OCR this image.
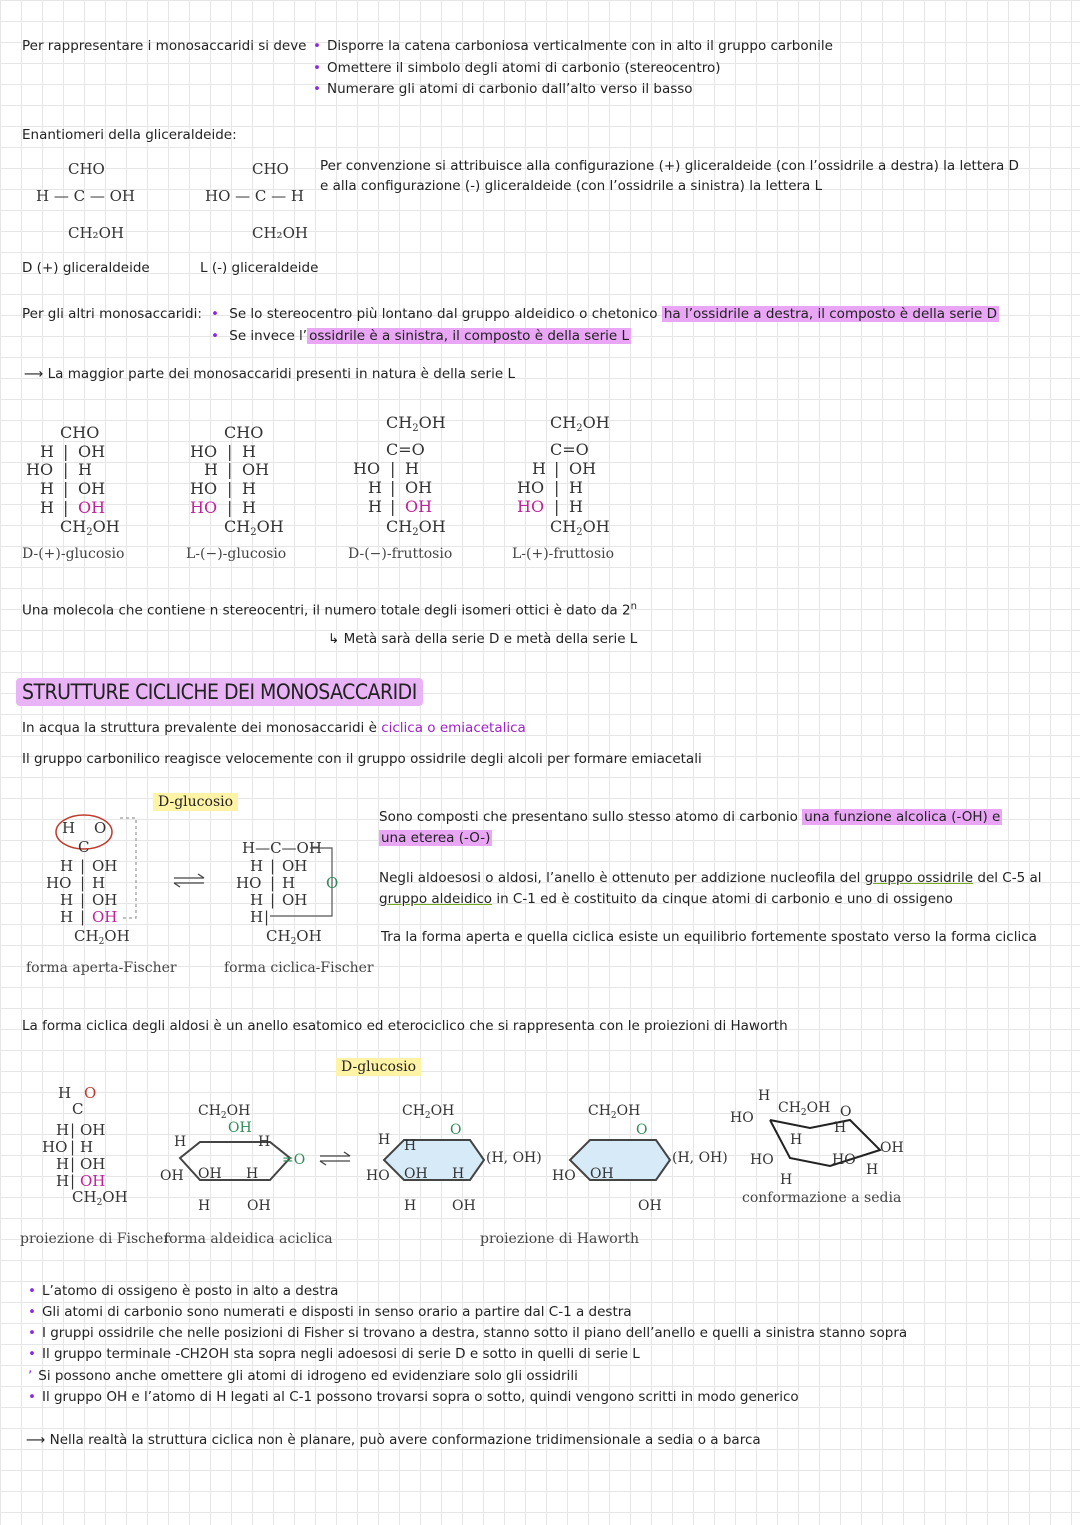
Per rappresentare i monosaccaridi si deve	• Disporre la catena carboniosa verticalmente con in alto il gruppo carbonile
• Omettere il simbolo degli atomi di carbonio (stereocentro)
• Numerare gli atomi di carbonio dall’alto verso il basso
Enantiomeri della gliceraldeide:
CHO
H — C — OH
CH₂OH
CHO
HO — C — H
CH₂OH
D (+) gliceraldeide	L (-) gliceraldeide
Per convenzione si attribuisce alla configurazione (+) gliceraldeide (con l’ossidrile a destra) la lettera D
e alla configurazione (-) gliceraldeide (con l’ossidrile a sinistra) la lettera L
Per gli altri monosaccaridi:	• Se lo stereocentro più lontano dal gruppo aldeidico o chetonico ha l’ossidrile a destra, il composto è della serie D
• Se invece l’ ossidrile è a sinistra, il composto è della serie L
⟶ La maggior parte dei monosaccaridi presenti in natura è della serie L
CHO
H | OH
HO | H
H | OH
H | OH
CH2OH
CHO
HO | H
H | OH
HO | H
HO | H
CH2OH
CH2OH
C=O
HO | H
H | OH
H | OH
CH2OH
CH2OH
C=O
H | OH
HO | H
HO | H
CH2OH
D-(+)-glucosio	L-(−)-glucosio	D-(−)-fruttosio	L-(+)-fruttosio
Una molecola che contiene n stereocentri, il numero totale degli isomeri ottici è dato da 2$^n$
↳ Metà sarà della serie D e metà della serie L
STRUTTURE CICLICHE DEI MONOSACCARIDI
In acqua la struttura prevalente dei monosaccaridi è ciclica o emiacetalica
Il gruppo carbonilico reagisce velocemente con il gruppo ossidrile degli alcoli per formare emiacetali
D-glucosio
H O
C
H | OH
HO | H
H | OH
H | OH
$CH_2OH$
H—C—OH
H | OH
HO | H
H | OH
H |
$CH_2OH$
O
forma aperta-Fischer	forma ciclica-Fischer
Sono composti che presentano sullo stesso atomo di carbonio una funzione alcolica (-OH) e
una eterea (-O-)
Negli aldoesosi o aldosi, l’anello è ottenuto per addizione nucleofila del gruppo ossidrile del C-5 al
gruppo aldeidico in C-1 ed è costituito da cinque atomi di carbonio e uno di ossigeno
Tra la forma aperta e quella ciclica esiste un equilibrio fortemente spostato verso la forma ciclica
La forma ciclica degli aldosi è un anello esatomico ed eterociclico che si rappresenta con le proiezioni di Haworth
D-glucosio
H O
C
H | OH
HO | H
H | OH
H | OH
$CH_2OH$
$CH_2OH$
OH
H	H
OH OH H
=O
H	OH
$CH_2OH$
O
H H
HO OH H
H	OH
(H, OH)
$CH_2OH$
O
HO OH
OH
(H, OH)
H
HO
$CH_2OH$ O
H
H	OH
HO	HO
H
H
proiezione di Fischer
forma aldeidica aciclica	proiezione di Haworth
conformazione a sedia
• L’atomo di ossigeno è posto in alto a destra
• Gli atomi di carbonio sono numerati e disposti in senso orario a partire dal C-1 a destra
• I gruppi ossidrile che nelle posizioni di Fisher si trovano a destra, stanno sotto il piano dell’anello e quelli a sinistra stanno sopra
• Il gruppo terminale -CH2OH sta sopra negli adoesosi di serie D e sotto in quelli di serie L
ʼ Si possono anche omettere gli atomi di idrogeno ed evidenziare solo gli ossidrili
• Il gruppo OH e l’atomo di H legati al C-1 possono trovarsi sopra o sotto, quindi vengono scritti in modo generico
⟶ Nella realtà la struttura ciclica non è planare, può avere conformazione tridimensionale a sedia o a barca
